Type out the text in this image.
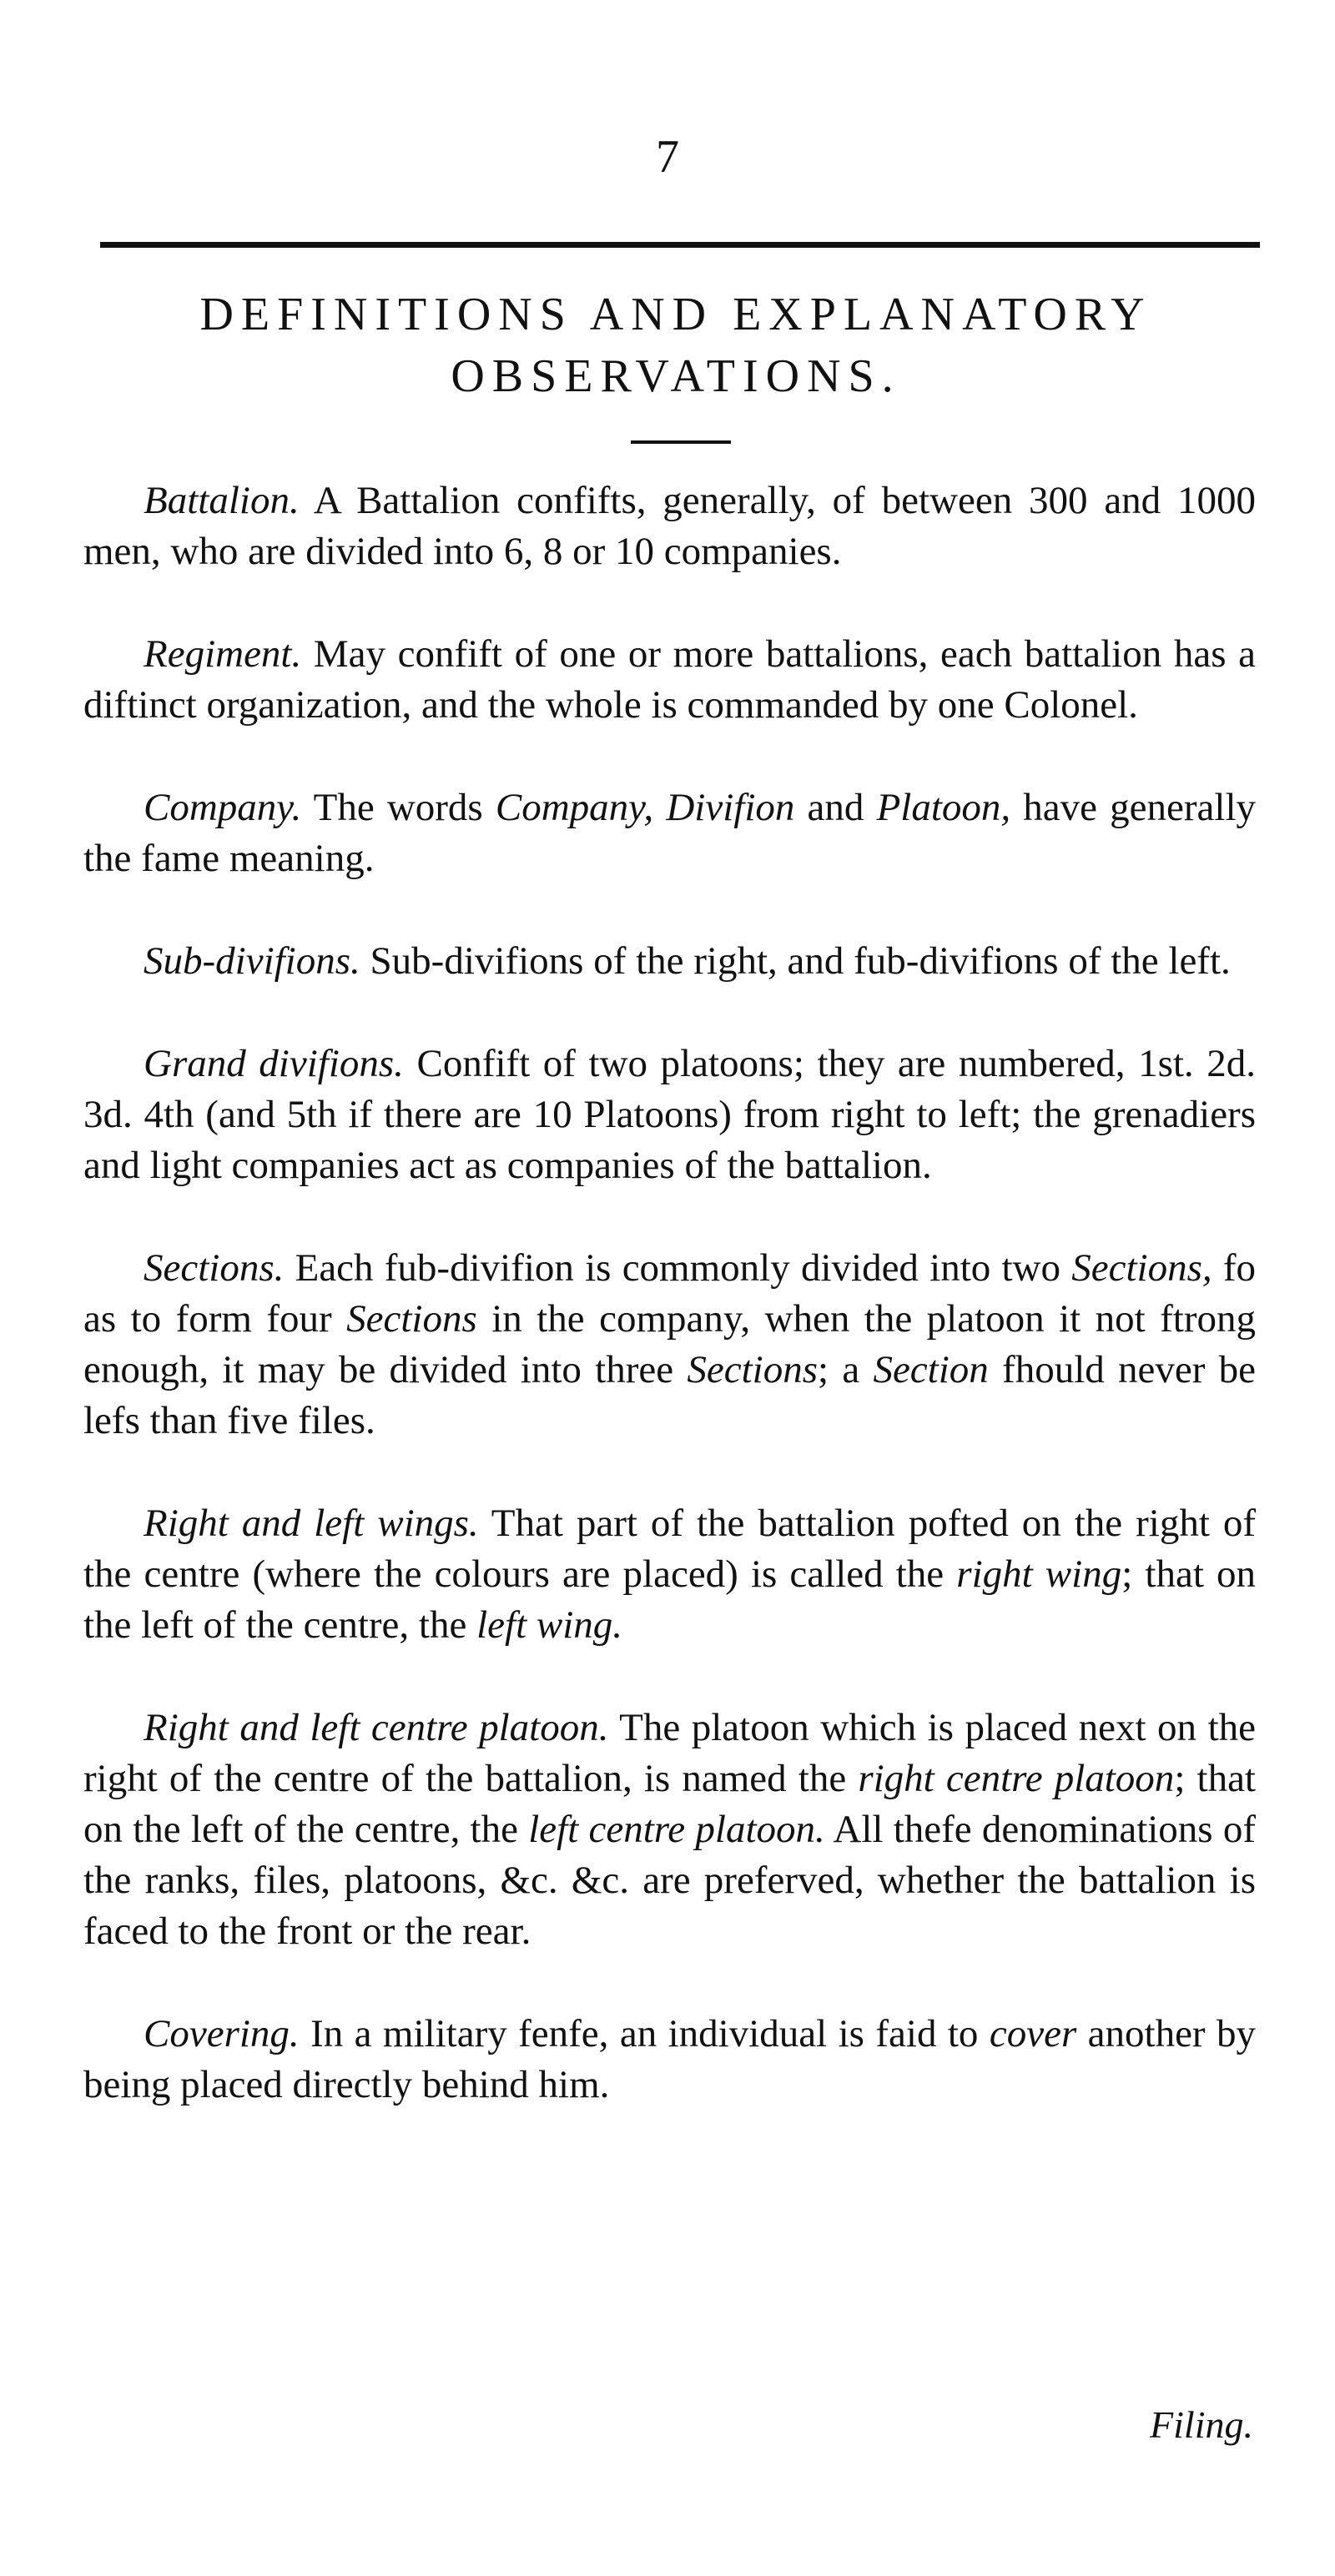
7
DEFINITIONS AND EXPLANATORY
OBSERVATIONS.

Battalion. A Battalion confifts, generally, of between 300 and 1000 men, who are divided into 6, 8 or 10 companies.

Regiment. May confift of one or more battalions, each battalion has a diftinct organization, and the whole is commanded by one Colonel.

Company. The words Company, Divifion and Platoon, have generally the fame meaning.

Sub-divifions. Sub-divifions of the right, and fub-divifions of the left.

Grand divifions. Confift of two platoons; they are numbered, 1st. 2d. 3d. 4th (and 5th if there are 10 Platoons) from right to left; the grenadiers and light companies act as companies of the battalion.

Sections. Each fub-divifion is commonly divided into two Sections, fo as to form four Sections in the company, when the platoon it not ftrong enough, it may be divided into three Sections; a Section fhould never be lefs than five files.

Right and left wings. That part of the battalion pofted on the right of the centre (where the colours are placed) is called the right wing; that on the left of the centre, the left wing.

Right and left centre platoon. The platoon which is placed next on the right of the centre of the battalion, is named the right centre platoon; that on the left of the centre, the left centre platoon. All thefe denominations of the ranks, files, platoons, &c. &c. are preferved, whether the battalion is faced to the front or the rear.

Covering. In a military fenfe, an individual is faid to cover another by being placed directly behind him.

Filing.
